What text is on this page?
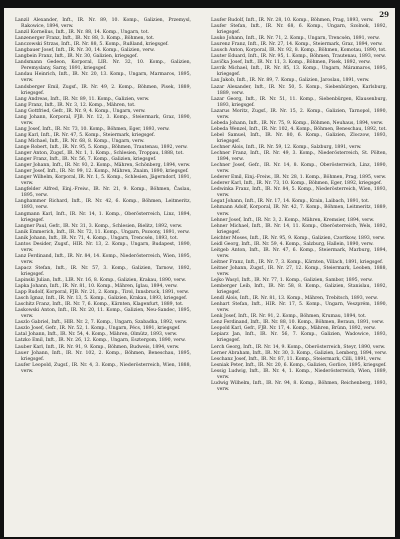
29
Lanzil Alexander, Inft., IR. Nr. 89, 10. Komp., Galizien, Przemysl, Rakowice, 1894, verw.
Lanzil Kornelius, Inft., IR. Nr. 88, 14. Komp., Ungarn, tot.
Lanzenerger Franz, Inft., IR. Nr. 88, 3. Komp., Böhmen, tot.
Lanczowski Strzas, Inft., IR. Nr. 88, 5. Komp., Rußland, kriegsgef.
Langbauer Josef, Inft., IR. Nr. 30, 14. Komp., Galizien, verw.
Langbein Franz, Inft., IR. Nr. 30, Galizien, kriegsgef.
Landsmann Gedeon, Korporal, LIR. Nr. 32, 10. Komp., Galizien, Peremyslany, Sarny, 1891, kriegsgef.
Landau Heinrich, Inft., IR. Nr. 20, 13. Komp., Ungarn, Marmaros, 1895, verw.
Landsberger Emil, Zugsf., IR. Nr. 49, 2. Komp., Böhmen, Pisek, 1889, kriegsgef.
Lang Andreas, Inft., IR. Nr. 89, 11. Komp., Galizien, verw.
Lang Franz, Inft., IR. Nr. 3, 12. Komp., Mähren, tot.
Lang Gottfried, Gefr., IR. Nr. 9, 4. Komp., Ungarn, verw.
Lang Johann, Korporal, FJB. Nr. 12, 3. Komp., Steiermark, Graz, 1890, verw.
Lang Josef, Inft., IR. Nr. 73, 10. Komp., Böhmen, Eger, 1893, verw.
Lang Karl, Inft., IR. Nr. 47, 5. Komp., Steiermark, kriegsgef.
Lang Michael, Inft., IR. Nr. 68, 8. Komp., Ungarn, verw.
Lange Robert, Inft., IR. Nr. 95, 5. Komp., Böhmen, Trautenau, 1892, verw.
Langer Anton, Zugsf., IR. Nr. 1, 1. Komp., Schlesien, Troppau, 1888, tot.
Langer Franz, Inft., IR. Nr. 56, 7. Komp., Galizien, kriegsgef.
Langer Johann, Inft., IR. Nr. 93, 2. Komp., Mähren, Schönberg, 1894, verw.
Langer Josef, Inft., IR. Nr. 99, 12. Komp., Mähren, Znaim, 1890, kriegsgef.
Langer Wilhelm, Korporal, IR. Nr. 1, 5. Komp., Schlesien, Jägerndorf, 1891, verw.
Langfelder Alfred, Einj.-Freiw., IR. Nr. 21, 9. Komp., Böhmen, Časlau, 1895, verw.
Langhammer Richard, Inft., IR. Nr. 42, 6. Komp., Böhmen, Leitmeritz, 1893, verw.
Langmann Karl, Inft., IR. Nr. 14, 1. Komp., Oberösterreich, Linz, 1894, kriegsgef.
Langner Paul, Gefr., IR. Nr. 31, 3. Komp., Schlesien, Bielitz, 1892, verw.
Lanik Emmerich, Inft., IR. Nr. 72, 11. Komp., Ungarn, Pozsony, 1891, verw.
Lanik Johann, Inft., IR. Nr. 71, 4. Komp., Ungarn, Trencsén, 1893, tot.
Lantos Desider, Zugsf., HIR. Nr. 13, 2. Komp., Ungarn, Budapest, 1890, verw.
Lanz Ferdinand, Inft., IR. Nr. 84, 14. Komp., Niederösterreich, Wien, 1895, verw.
Lapacz Stefan, Inft., IR. Nr. 57, 3. Komp., Galizien, Tarnow, 1892, kriegsgef.
Lapinski Julian, Inft., LIR. Nr. 16, 8. Komp., Galizien, Krakau, 1890, verw.
Lapka Johann, Inft., IR. Nr. 81, 10. Komp., Mähren, Iglau, 1894, verw.
Lapp Rudolf, Korporal, FJB. Nr. 21, 2. Komp., Tirol, Innsbruck, 1891, verw.
Lasch Ignaz, Inft., IR. Nr. 13, 5. Komp., Galizien, Krakau, 1893, kriegsgef.
Laschitz Franz, Inft., IR. Nr. 7, 6. Komp., Kärnten, Klagenfurt, 1889, tot.
Laskowski Anton, Inft., IR. Nr. 20, 11. Komp., Galizien, Neu-Sandec, 1895, verw.
Laszlo Gabriel, Inft., HIR. Nr. 2, 7. Komp., Ungarn, Szabadka, 1892, verw.
Laszlo Josef, Gefr., IR. Nr. 52, 1. Komp., Ungarn, Pécs, 1891, kriegsgef.
Latal Johann, Inft., IR. Nr. 54, 4. Komp., Mähren, Olmütz, 1893, verw.
Latzko Emil, Inft., IR. Nr. 26, 12. Komp., Ungarn, Esztergom, 1890, verw.
Lauber Karl, Inft., IR. Nr. 91, 9. Komp., Böhmen, Budweis, 1894, verw.
Lauer Johann, Inft., IR. Nr. 102, 2. Komp., Böhmen, Beneschau, 1895, kriegsgef.
Laufer Leopold, Zugsf., IR. Nr. 4, 3. Komp., Niederösterreich, Wien, 1888, verw.
Laufer Rudolf, Inft., IR. Nr. 28, 10. Komp., Böhmen, Prag, 1893, verw.
Laufer Stefan, Inft., IR. Nr. 68, 6. Komp., Ungarn, Szolnok, 1892, kriegsgef.
Lauko Johann, Inft., IR. Nr. 71, 2. Komp., Ungarn, Trencsén, 1891, verw.
Laurenz Franz, Inft., IR. Nr. 27, 14. Komp., Steiermark, Graz, 1894, verw.
Lausch Anton, Korporal, IR. Nr. 92, 8. Komp., Böhmen, Komotau, 1890, tot.
Lauter Eduard, Inft., IR. Nr. 95, 1. Komp., Böhmen, Trautenau, 1893, verw.
Lavička Josef, Inft., IR. Nr. 11, 3. Komp., Böhmen, Pisek, 1892, verw.
Lavrik Michael, Inft., IR. Nr. 85, 13. Komp., Ungarn, Máramaros, 1895, kriegsgef.
Lax Jakob, Inft., IR. Nr. 89, 7. Komp., Galizien, Jaroslau, 1891, verw.
Lazar Alexander, Inft., IR. Nr. 50, 5. Komp., Siebenbürgen, Karlsburg, 1889, verw.
Lazar Georg, Inft., IR. Nr. 51, 11. Komp., Siebenbürgen, Klausenburg, 1893, kriegsgef.
Lazarus Moritz, Zugsf., IR. Nr. 15, 2. Komp., Galizien, Tarnopol, 1890, verw.
Lebeda Johann, Inft., IR. Nr. 75, 9. Komp., Böhmen, Neuhaus, 1894, verw.
Lebeda Wenzel, Inft., IR. Nr. 102, 4. Komp., Böhmen, Beneschau, 1892, tot.
Lebel Samuel, Inft., IR. Nr. 80, 6. Komp., Galizien, Zloczow, 1893, kriegsgef.
Lechner Alois, Inft., IR. Nr. 59, 12. Komp., Salzburg, 1891, verw.
Lechner Franz, Inft., IR. Nr. 49, 3. Komp., Niederösterreich, St. Pölten, 1894, verw.
Lechner Josef, Gefr., IR. Nr. 14, 8. Komp., Oberösterreich, Linz, 1890, verw.
Lederer Emil, Einj.-Freiw., IR. Nr. 28, 1. Komp., Böhmen, Prag, 1895, verw.
Lederer Karl, Inft., IR. Nr. 73, 10. Komp., Böhmen, Eger, 1892, kriegsgef.
Ledwinka Franz, Inft., IR. Nr. 84, 5. Komp., Niederösterreich, Wien, 1893, verw.
Legat Johann, Inft., IR. Nr. 17, 14. Komp., Krain, Laibach, 1891, tot.
Lehmann Adolf, Korporal, IR. Nr. 42, 7. Komp., Böhmen, Leitmeritz, 1889, verw.
Lehner Josef, Inft., IR. Nr. 3, 2. Komp., Mähren, Kremsier, 1894, verw.
Lehner Michael, Inft., IR. Nr. 14, 11. Komp., Oberösterreich, Wels, 1892, kriegsgef.
Leichter Moses, Inft., IR. Nr. 95, 9. Komp., Galizien, Czortkow, 1893, verw.
Leidl Georg, Inft., IR. Nr. 59, 4. Komp., Salzburg, Hallein, 1890, verw.
Leitgeb Anton, Inft., IR. Nr. 47, 6. Komp., Steiermark, Marburg, 1894, verw.
Leitner Franz, Inft., IR. Nr. 7, 3. Komp., Kärnten, Villach, 1891, kriegsgef.
Leitner Johann, Zugsf., IR. Nr. 27, 12. Komp., Steiermark, Leoben, 1888, verw.
Lejko Wasyl, Inft., IR. Nr. 77, 1. Komp., Galizien, Sambor, 1895, verw.
Lemberger Leib, Inft., IR. Nr. 58, 8. Komp., Galizien, Stanislau, 1892, kriegsgef.
Lendl Alois, Inft., IR. Nr. 81, 13. Komp., Mähren, Trebitsch, 1893, verw.
Lenhart Stefan, Inft., HIR. Nr. 17, 5. Komp., Ungarn, Veszprém, 1890, verw.
Lenk Josef, Inft., IR. Nr. 91, 2. Komp., Böhmen, Krumau, 1894, tot.
Lenz Ferdinand, Inft., IR. Nr. 88, 10. Komp., Böhmen, Beraun, 1891, verw.
Leopold Karl, Gefr., FJB. Nr. 17, 4. Komp., Mähren, Brünn, 1892, verw.
Lepiarz Jan, Inft., IR. Nr. 56, 7. Komp., Galizien, Wadowice, 1893, kriegsgef.
Lerch Georg, Inft., IR. Nr. 14, 9. Komp., Oberösterreich, Steyr, 1890, verw.
Lerner Abraham, Inft., IR. Nr. 30, 3. Komp., Galizien, Lemberg, 1894, verw.
Leschanz Josef, Inft., IR. Nr. 87, 11. Komp., Steiermark, Cilli, 1891, verw.
Lesniak Peter, Inft., IR. Nr. 20, 6. Komp., Galizien, Gorlice, 1895, kriegsgef.
Lessig Ludwig, Inft., IR. Nr. 4, 1. Komp., Niederösterreich, Wien, 1889, verw.
Ludwig Wilhelm, Inft., IR. Nr. 94, 8. Komp., Böhmen, Reichenberg, 1893, verw.
